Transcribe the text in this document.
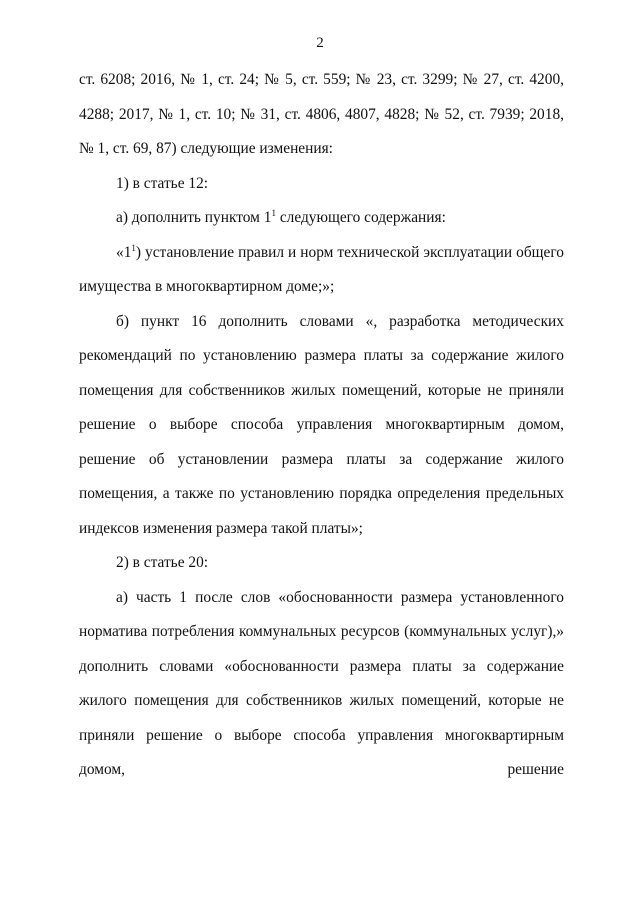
2

ст. 6208; 2016, № 1, ст. 24; № 5, ст. 559; № 23, ст. 3299; № 27, ст. 4200, 4288; 2017, № 1, ст. 10; № 31, ст. 4806, 4807, 4828; № 52, ст. 7939; 2018, № 1, ст. 69, 87) следующие изменения:

1) в статье 12:

а) дополнить пунктом $1^1$ следующего содержания:

«$1^1$) установление правил и норм технической эксплуатации общего имущества в многоквартирном доме;»;

б) пункт 16 дополнить словами «, разработка методических рекомендаций по установлению размера платы за содержание жилого помещения для собственников жилых помещений, которые не приняли решение о выборе способа управления многоквартирным домом, решение об установлении размера платы за содержание жилого помещения, а также по установлению порядка определения предельных индексов изменения размера такой платы»;

2) в статье 20:

а) часть 1 после слов «обоснованности размера установленного норматива потребления коммунальных ресурсов (коммунальных услуг),» дополнить словами «обоснованности размера платы за содержание жилого помещения для собственников жилых помещений, которые не приняли решение о выборе способа управления многоквартирным домом, решение
